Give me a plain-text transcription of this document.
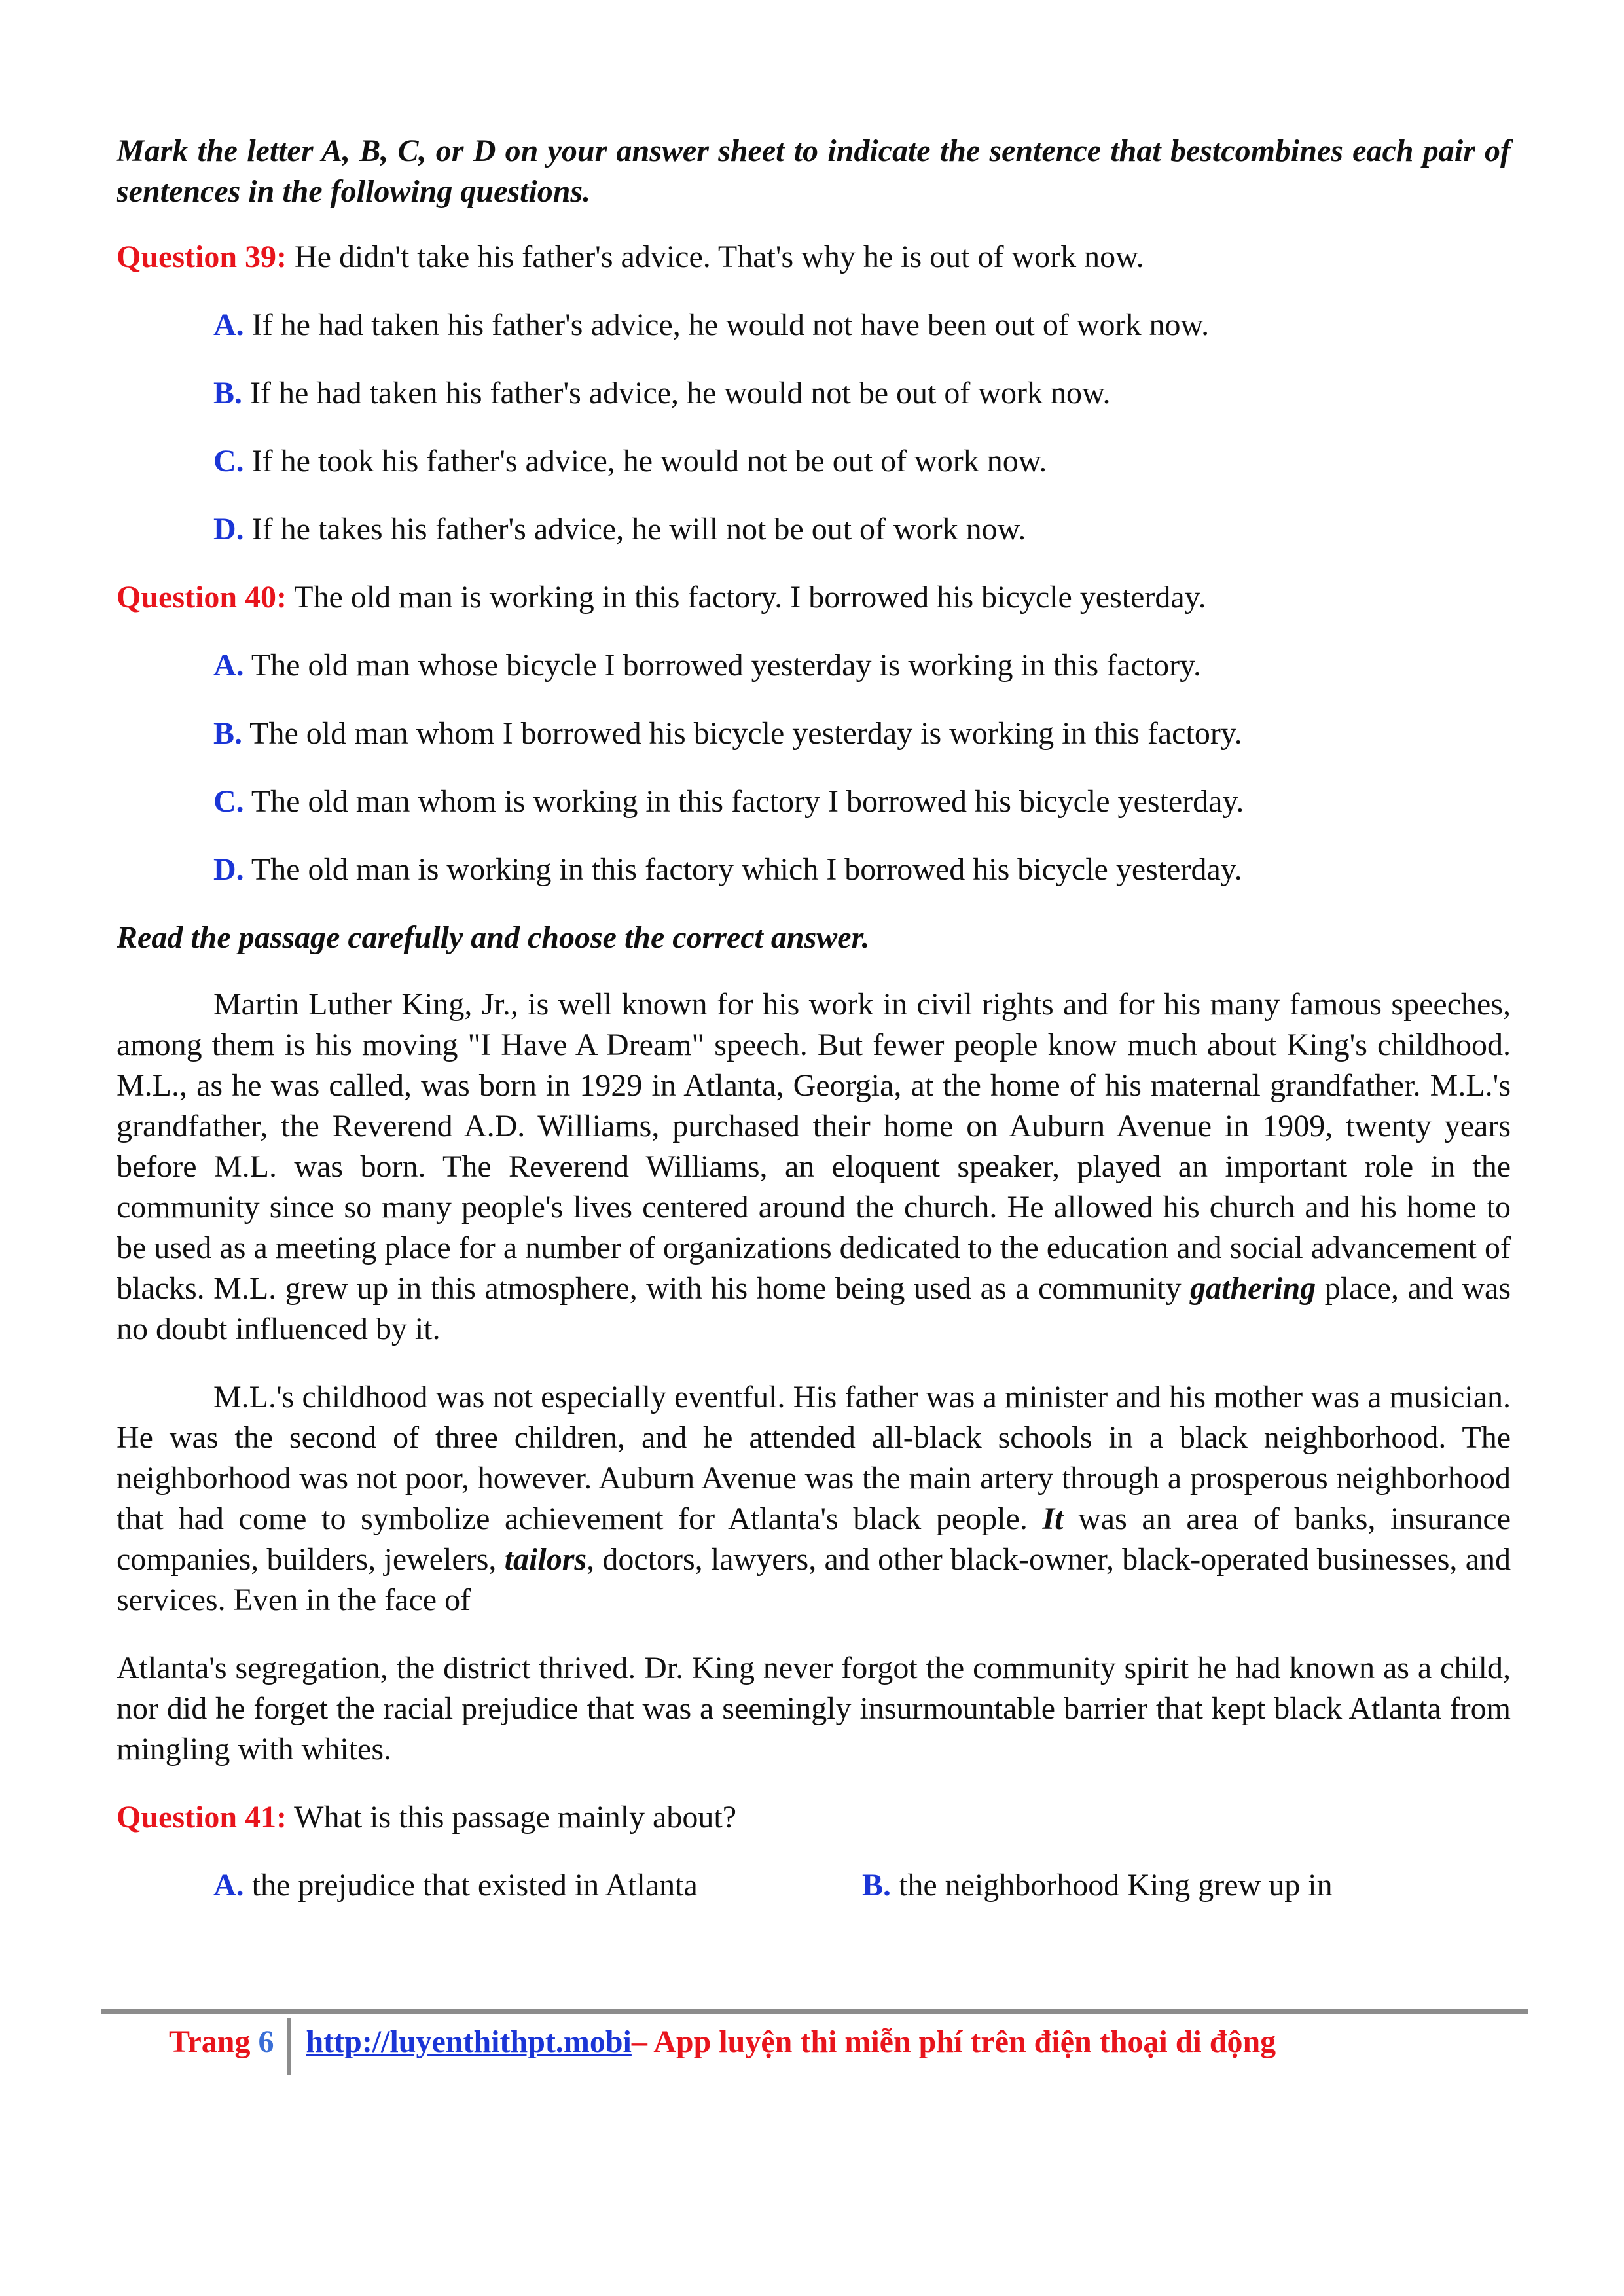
Mark the letter A, B, C, or D on your answer sheet to indicate the sentence that bestcombines each pair of sentences in the following questions.

Question 39: He didn't take his father's advice. That's why he is out of work now.

A. If he had taken his father's advice, he would not have been out of work now.

B. If he had taken his father's advice, he would not be out of work now.

C. If he took his father's advice, he would not be out of work now.

D. If he takes his father's advice, he will not be out of work now.

Question 40: The old man is working in this factory. I borrowed his bicycle yesterday.

A. The old man whose bicycle I borrowed yesterday is working in this factory.

B. The old man whom I borrowed his bicycle yesterday is working in this factory.

C. The old man whom is working in this factory I borrowed his bicycle yesterday.

D. The old man is working in this factory which I borrowed his bicycle yesterday.

Read the passage carefully and choose the correct answer.

Martin Luther King, Jr., is well known for his work in civil rights and for his many famous speeches, among them is his moving "I Have A Dream" speech. But fewer people know much about King's childhood. M.L., as he was called, was born in 1929 in Atlanta, Georgia, at the home of his maternal grandfather. M.L.'s grandfather, the Reverend A.D. Williams, purchased their home on Auburn Avenue in 1909, twenty years before M.L. was born. The Reverend Williams, an eloquent speaker, played an important role in the community since so many people's lives centered around the church. He allowed his church and his home to be used as a meeting place for a number of organizations dedicated to the education and social advancement of blacks. M.L. grew up in this atmosphere, with his home being used as a community gathering place, and was no doubt influenced by it.

M.L.'s childhood was not especially eventful. His father was a minister and his mother was a musician. He was the second of three children, and he attended all-black schools in a black neighborhood. The neighborhood was not poor, however. Auburn Avenue was the main artery through a prosperous neighborhood that had come to symbolize achievement for Atlanta's black people. It was an area of banks, insurance companies, builders, jewelers, tailors, doctors, lawyers, and other black-owner, black-operated businesses, and services. Even in the face of

Atlanta's segregation, the district thrived. Dr. King never forgot the community spirit he had known as a child, nor did he forget the racial prejudice that was a seemingly insurmountable barrier that kept black Atlanta from mingling with whites.

Question 41: What is this passage mainly about?

A. the prejudice that existed in Atlanta	B. the neighborhood King grew up in
Trang
6 http://luyenthithpt.mobi – App luyện thi miễn phí trên điện thoại di động
